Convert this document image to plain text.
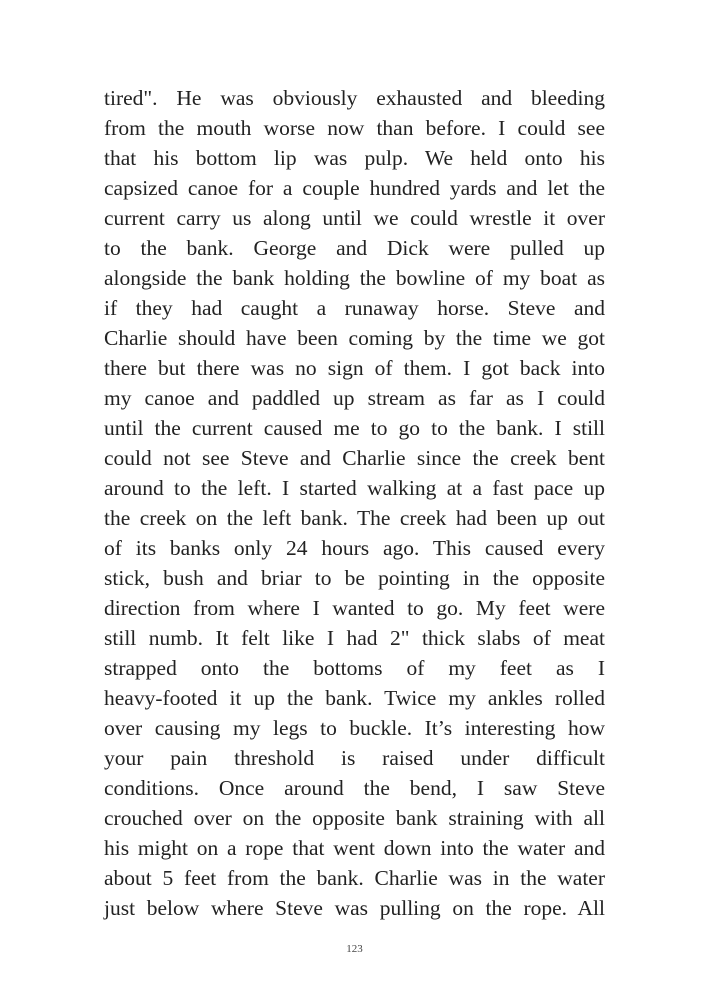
tired". He was obviously exhausted and bleeding
from the mouth worse now than before. I could see
that his bottom lip was pulp. We held onto his
capsized canoe for a couple hundred yards and let the
current carry us along until we could wrestle it over
to the bank. George and Dick were pulled up
alongside the bank holding the bowline of my boat as
if they had caught a runaway horse. Steve and
Charlie should have been coming by the time we got
there but there was no sign of them. I got back into
my canoe and paddled up stream as far as I could
until the current caused me to go to the bank. I still
could not see Steve and Charlie since the creek bent
around to the left. I started walking at a fast pace up
the creek on the left bank. The creek had been up out
of its banks only 24 hours ago. This caused every
stick, bush and briar to be pointing in the opposite
direction from where I wanted to go. My feet were
still numb. It felt like I had 2" thick slabs of meat
strapped onto the bottoms of my feet as I
heavy-footed it up the bank. Twice my ankles rolled
over causing my legs to buckle. It’s interesting how
your pain threshold is raised under difficult
conditions. Once around the bend, I saw Steve
crouched over on the opposite bank straining with all
his might on a rope that went down into the water and
about 5 feet from the bank. Charlie was in the water
just below where Steve was pulling on the rope. All
123
